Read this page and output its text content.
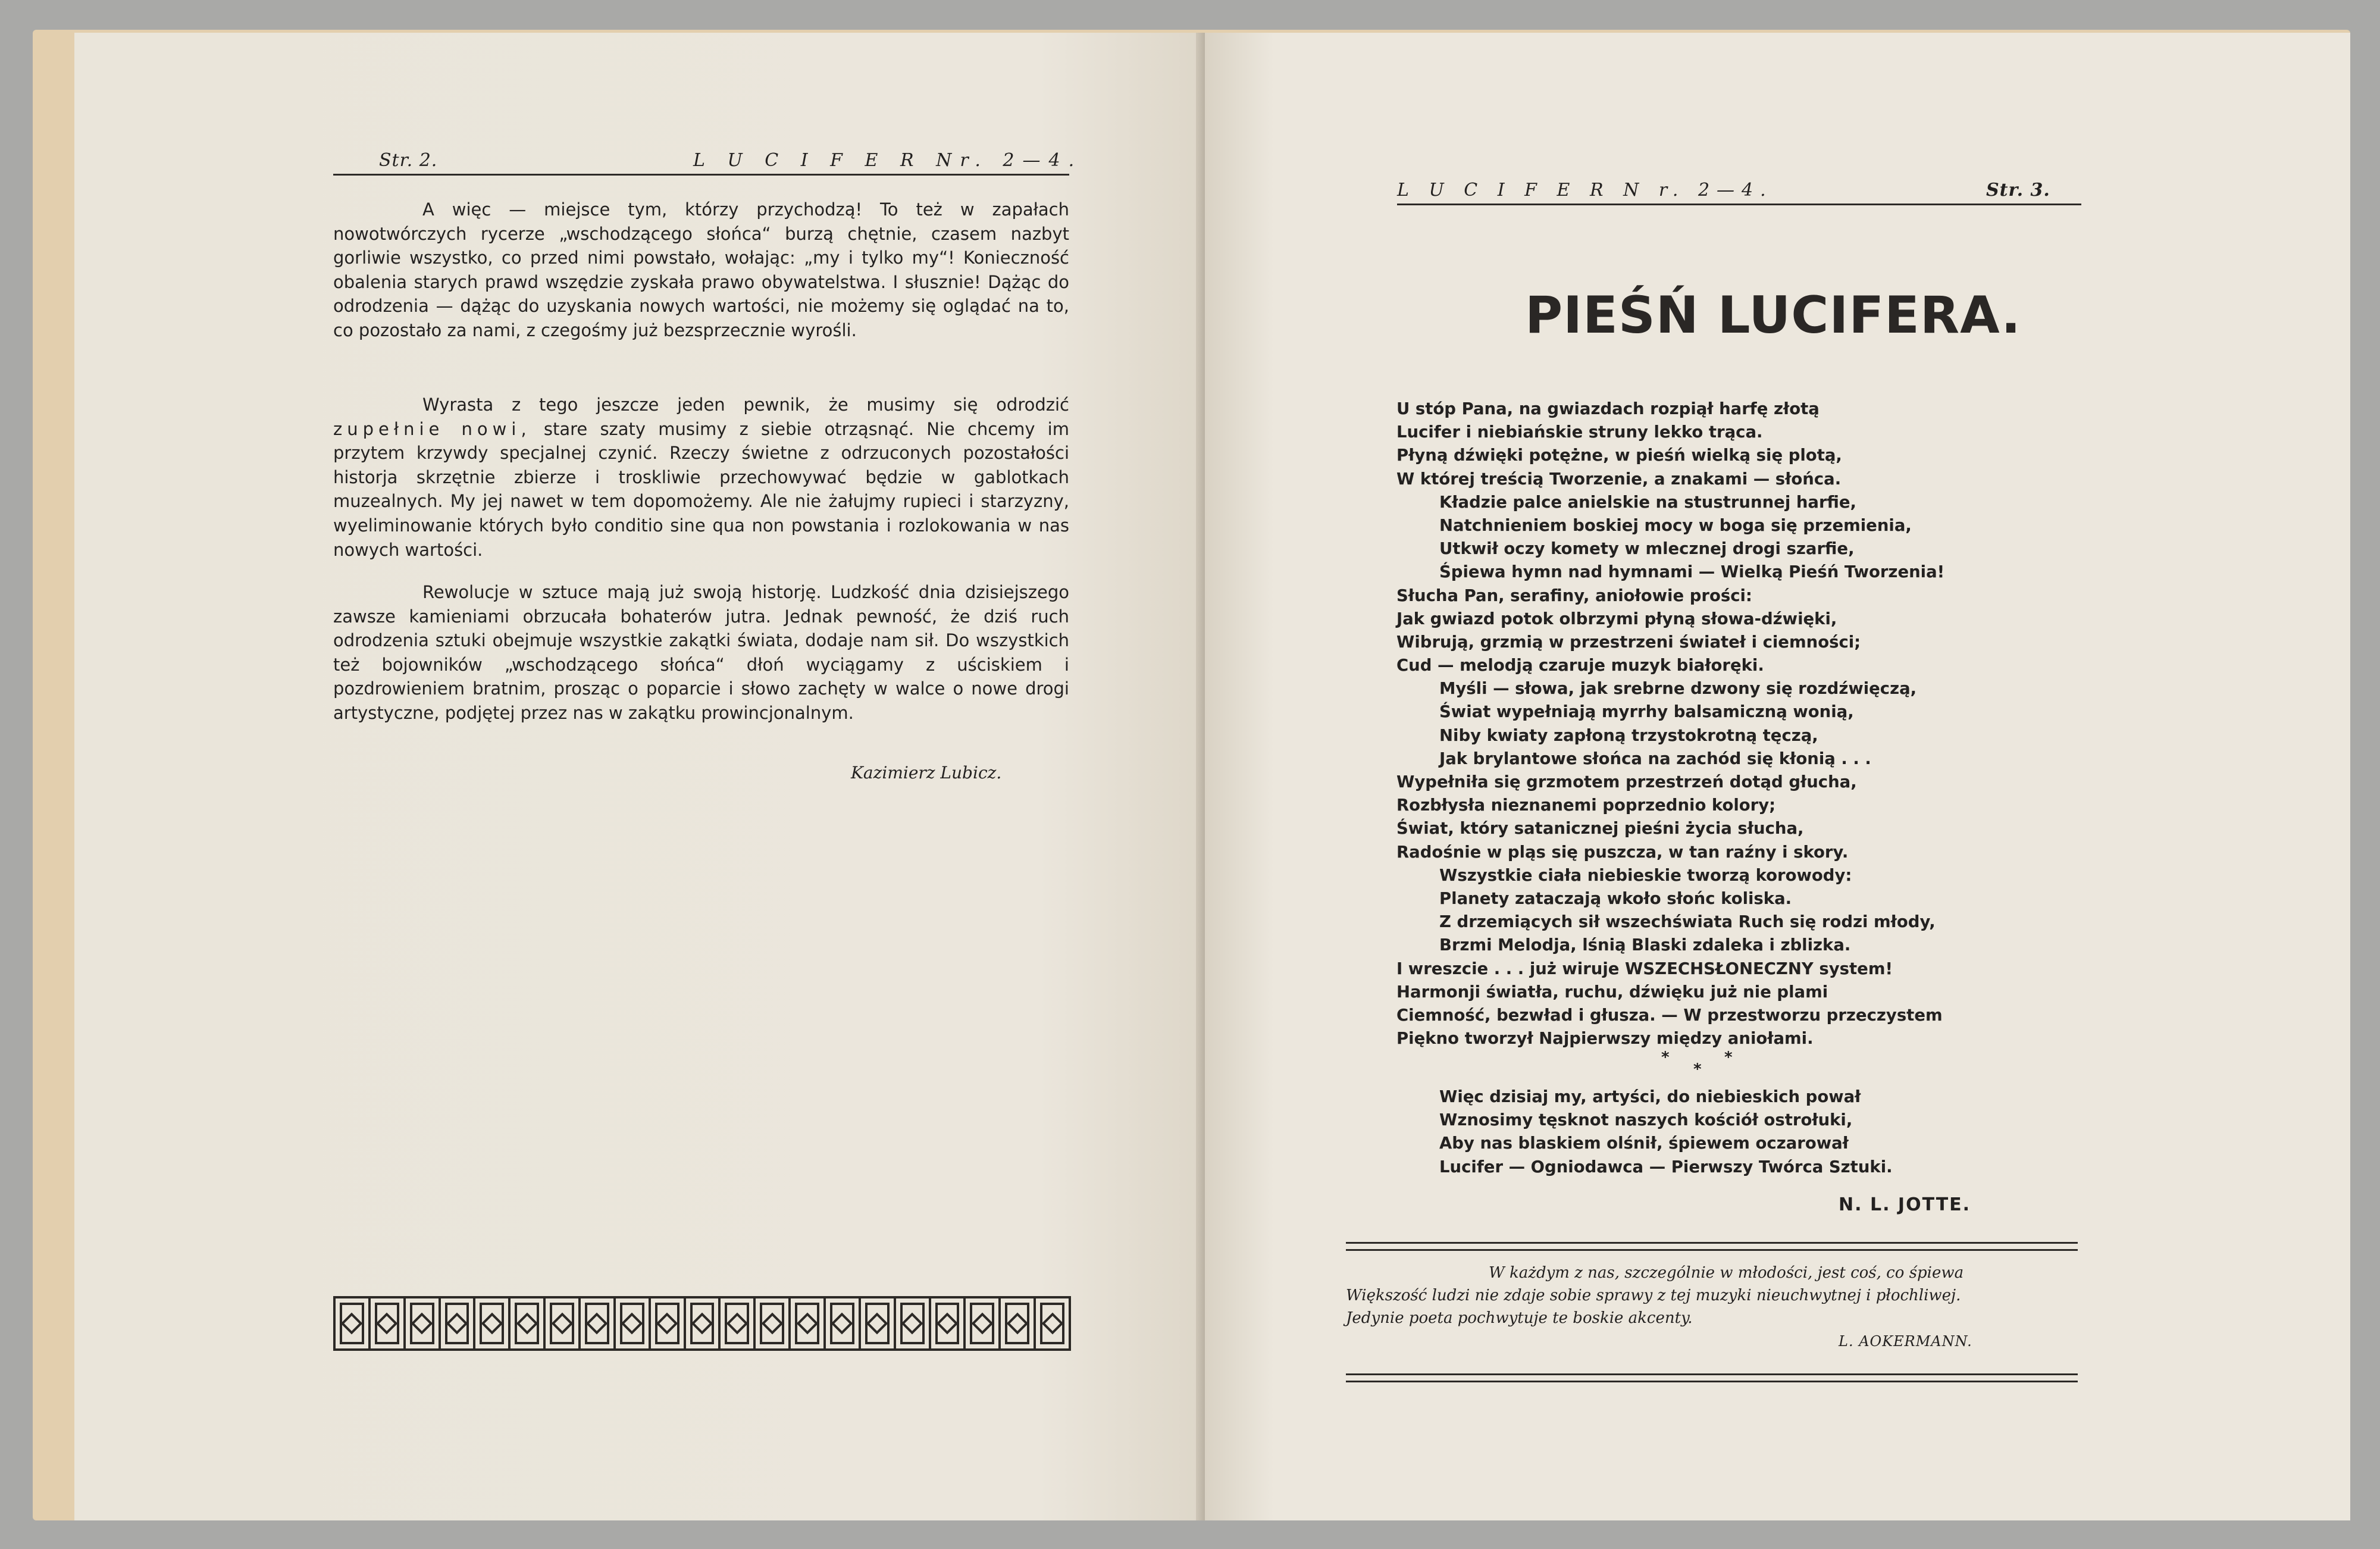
Str. 2.	L U C I F E R Nr. 2—4.

A więc — miejsce tym, którzy przychodzą! To też w zapałach nowotwórczych rycerze „wschodzącego słońca“ burzą chętnie, czasem nazbyt gorliwie wszystko, co przed nimi powstało, wołając: „my i tylko my“! Konieczność obalenia starych prawd wszędzie zyskała prawo obywatelstwa. I słusznie! Dążąc do odrodzenia — dążąc do uzyskania nowych wartości, nie możemy się oglądać na to, co pozostało za nami, z czegośmy już bezsprzecznie wyrośli.

Wyrasta z tego jeszcze jeden pewnik, że musimy się odrodzić zupełnie nowi, stare szaty musimy z siebie otrząsnąć. Nie chcemy im przytem krzywdy specjalnej czynić. Rzeczy świetne z odrzuconych pozostałości historja skrzętnie zbierze i troskliwie przechowywać będzie w gablotkach muzealnych. My jej nawet w tem dopomożemy. Ale nie żałujmy rupieci i starzyzny, wyeliminowanie których było conditio sine qua non powstania i rozlokowania w nas nowych wartości.

Rewolucje w sztuce mają już swoją historję. Ludzkość dnia dzisiejszego zawsze kamieniami obrzucała bohaterów jutra. Jednak pewność, że dziś ruch odrodzenia sztuki obejmuje wszystkie zakątki świata, dodaje nam sił. Do wszystkich też bojowników „wschodzącego słońca“ dłoń wyciągamy z uściskiem i pozdrowieniem bratnim, prosząc o poparcie i słowo zachęty w walce o nowe drogi artystyczne, podjętej przez nas w zakątku prowincjonalnym.

Kazimierz Lubicz.
L U C I F E R N r. 2—4.	Str. 3.
PIEŚŃ LUCIFERA.
U stóp Pana, na gwiazdach rozpiął harfę złotą
Lucifer i niebiańskie struny lekko trąca.
Płyną dźwięki potężne, w pieśń wielką się plotą,
W której treścią Tworzenie, a znakami — słońca.
Kładzie palce anielskie na stustrunnej harfie,
Natchnieniem boskiej mocy w boga się przemienia,
Utkwił oczy komety w mlecznej drogi szarfie,
Śpiewa hymn nad hymnami — Wielką Pieśń Tworzenia!
Słucha Pan, serafiny, aniołowie prości:
Jak gwiazd potok olbrzymi płyną słowa-dźwięki,
Wibrują, grzmią w przestrzeni świateł i ciemności;
Cud — melodją czaruje muzyk białoręki.
Myśli — słowa, jak srebrne dzwony się rozdźwięczą,
Świat wypełniają myrrhy balsamiczną wonią,
Niby kwiaty zapłoną trzystokrotną tęczą,
Jak brylantowe słońca na zachód się kłonią . . .
Wypełniła się grzmotem przestrzeń dotąd głucha,
Rozbłysła nieznanemi poprzednio kolory;
Świat, który satanicznej pieśni życia słucha,
Radośnie w pląs się puszcza, w tan raźny i skory.
Wszystkie ciała niebieskie tworzą korowody:
Planety zataczają wkoło słońc koliska.
Z drzemiących sił wszechświata Ruch się rodzi młody,
Brzmi Melodja, lśnią Blaski zdaleka i zblizka.
I wreszcie . . . już wiruje WSZECHSŁONECZNY system!
Harmonji światła, ruchu, dźwięku już nie plami
Ciemność, bezwład i głusza. — W przestworzu przeczystem
Piękno tworzył Najpierwszy między aniołami.
*
*
*
Więc dzisiaj my, artyści, do niebieskich pował
Wznosimy tęsknot naszych kościół ostrołuki,
Aby nas blaskiem olśnił, śpiewem oczarował
Lucifer — Ogniodawca — Pierwszy Twórca Sztuki.
N. L. JOTTE.
W każdym z nas, szczególnie w młodości, jest coś, co śpiewa
Większość ludzi nie zdaje sobie sprawy z tej muzyki nieuchwytnej i płochliwej.
Jedynie poeta pochwytuje te boskie akcenty.
L. AOKERMANN.
